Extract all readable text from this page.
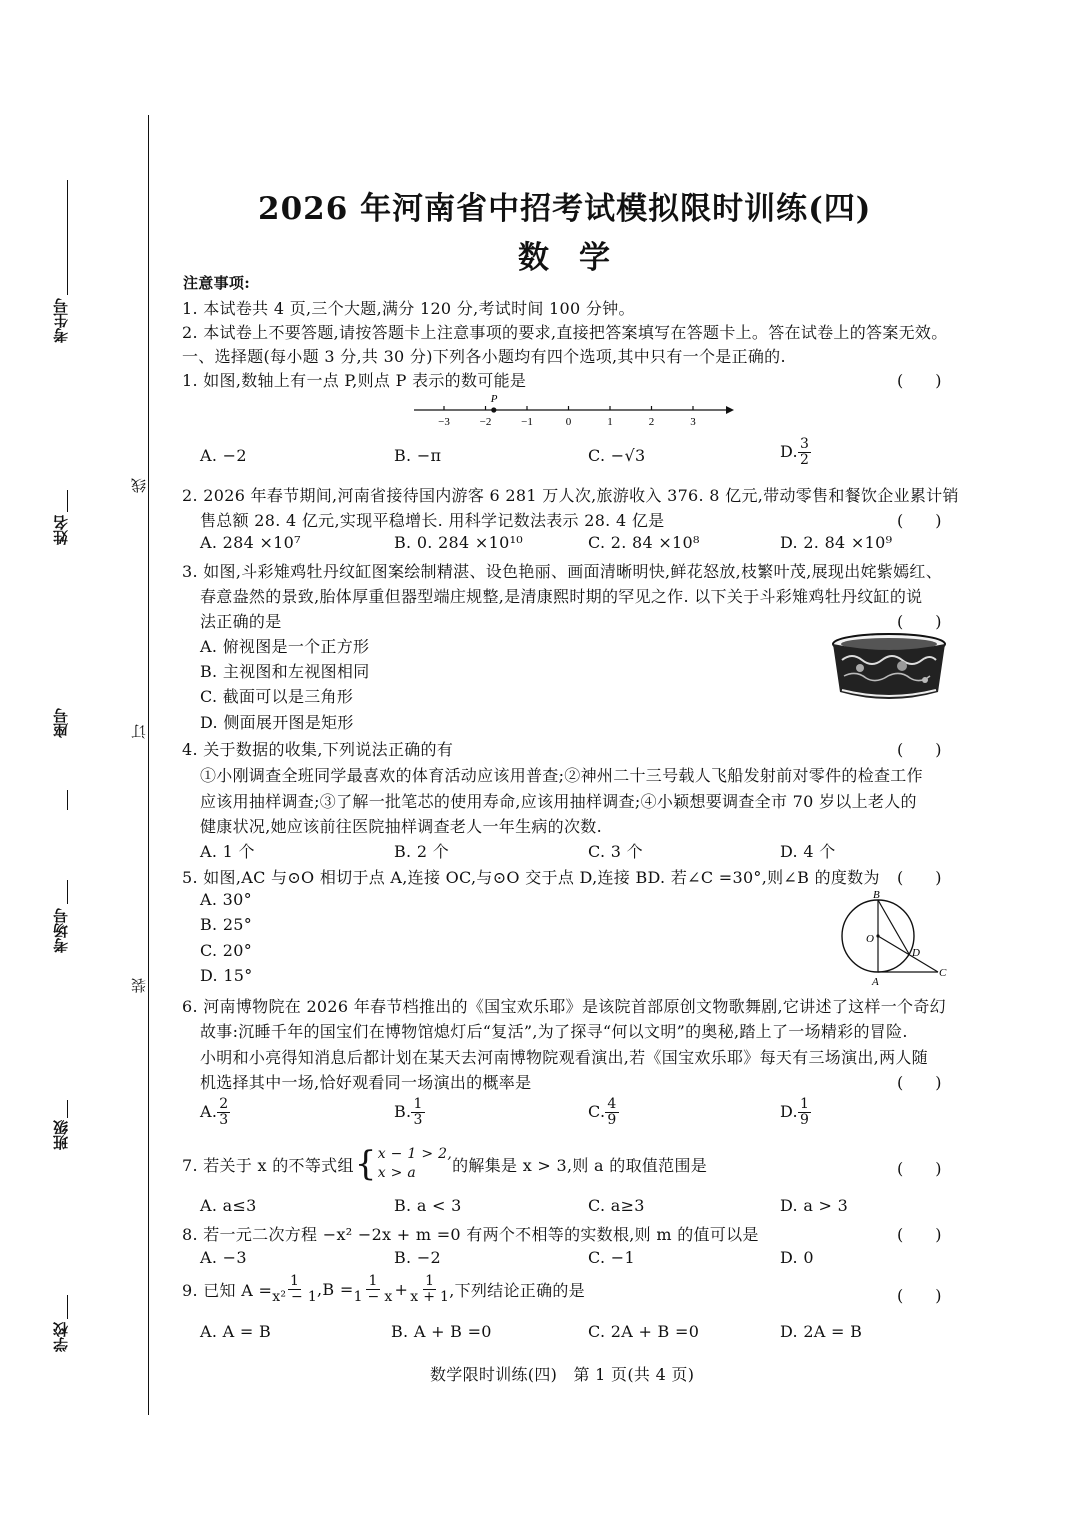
考生号
姓名
座号
考场号
班级
学校
线
订
装
2026 年河南省中招考试模拟限时训练(四)
数学
注意事项:
1. 本试卷共 4 页,三个大题,满分 120 分,考试时间 100 分钟。
2. 本试卷上不要答题,请按答题卡上注意事项的要求,直接把答案填写在答题卡上。答在试卷上的答案无效。
一、选择题(每小题 3 分,共 30 分)下列各小题均有四个选项,其中只有一个是正确的.
1. 如图,数轴上有一点 P,则点 P 表示的数可能是	(　　)
−3	−2	−1	0	1	2	3
P
A. −2	B. −π	C. −√3	D. $\frac{3}{2}$
2. 2026 年春节期间,河南省接待国内游客 6 281 万人次,旅游收入 376. 8 亿元,带动零售和餐饮企业累计销
售总额 28. 4 亿元,实现平稳增长. 用科学记数法表示 28. 4 亿是	(　　)
A. 284 ×10⁷	B. 0. 284 ×10¹⁰	C. 2. 84 ×10⁸	D. 2. 84 ×10⁹
3. 如图,斗彩雉鸡牡丹纹缸图案绘制精湛、设色艳丽、画面清晰明快,鲜花怒放,枝繁叶茂,展现出姹紫嫣红、
春意盎然的景致,胎体厚重但器型端庄规整,是清康熙时期的罕见之作. 以下关于斗彩雉鸡牡丹纹缸的说
法正确的是	(　　)
A. 俯视图是一个正方形
B. 主视图和左视图相同
C. 截面可以是三角形
D. 侧面展开图是矩形
4. 关于数据的收集,下列说法正确的有	(　　)
①小刚调查全班同学最喜欢的体育活动应该用普查;②神州二十三号载人飞船发射前对零件的检查工作
应该用抽样调查;③了解一批笔芯的使用寿命,应该用抽样调查;④小颖想要调查全市 70 岁以上老人的
健康状况,她应该前往医院抽样调查老人一年生病的次数.
A. 1 个	B. 2 个	C. 3 个	D. 4 个
5. 如图,AC 与⊙O 相切于点 A,连接 OC,与⊙O 交于点 D,连接 BD. 若∠C =30°,则∠B 的度数为 (　　)
A. 30°
B. 25°
C. 20°
D. 15°
B
O
D
A
C
6. 河南博物院在 2026 年春节档推出的《国宝欢乐耶》是该院首部原创文物歌舞剧,它讲述了这样一个奇幻
故事:沉睡千年的国宝们在博物馆熄灯后“复活”,为了探寻“何以文明”的奥秘,踏上了一场精彩的冒险.
小明和小亮得知消息后都计划在某天去河南博物院观看演出,若《国宝欢乐耶》每天有三场演出,两人随
机选择其中一场,恰好观看同一场演出的概率是	(　　)
A. $\frac{2}{3}$	B. $\frac{1}{3}$	C. $\frac{4}{9}$	D. $\frac{1}{9}$
7. 若关于 x 的不等式组 { x − 1 > 2,
x > a	的解集是 x > 3,则 a 的取值范围是	(　　)
A. a≤3	B. a < 3	C. a≥3	D. a > 3
8. 若一元二次方程 −x² −2x + m =0 有两个不相等的实数根,则 m 的值可以是	(　　)
A. −3	B. −2	C. −1	D. 0
9. 已知 $A = \frac{1}{\text{x² − 1}} ,B = \frac{1}{1 - x} + \frac{1}{x + 1}$ ,下列结论正确的是	(　　)
A. A = B	B. A + B =0	C. 2A + B =0	D. 2A = B
数学限时训练(四)　第 1 页(共 4 页)
